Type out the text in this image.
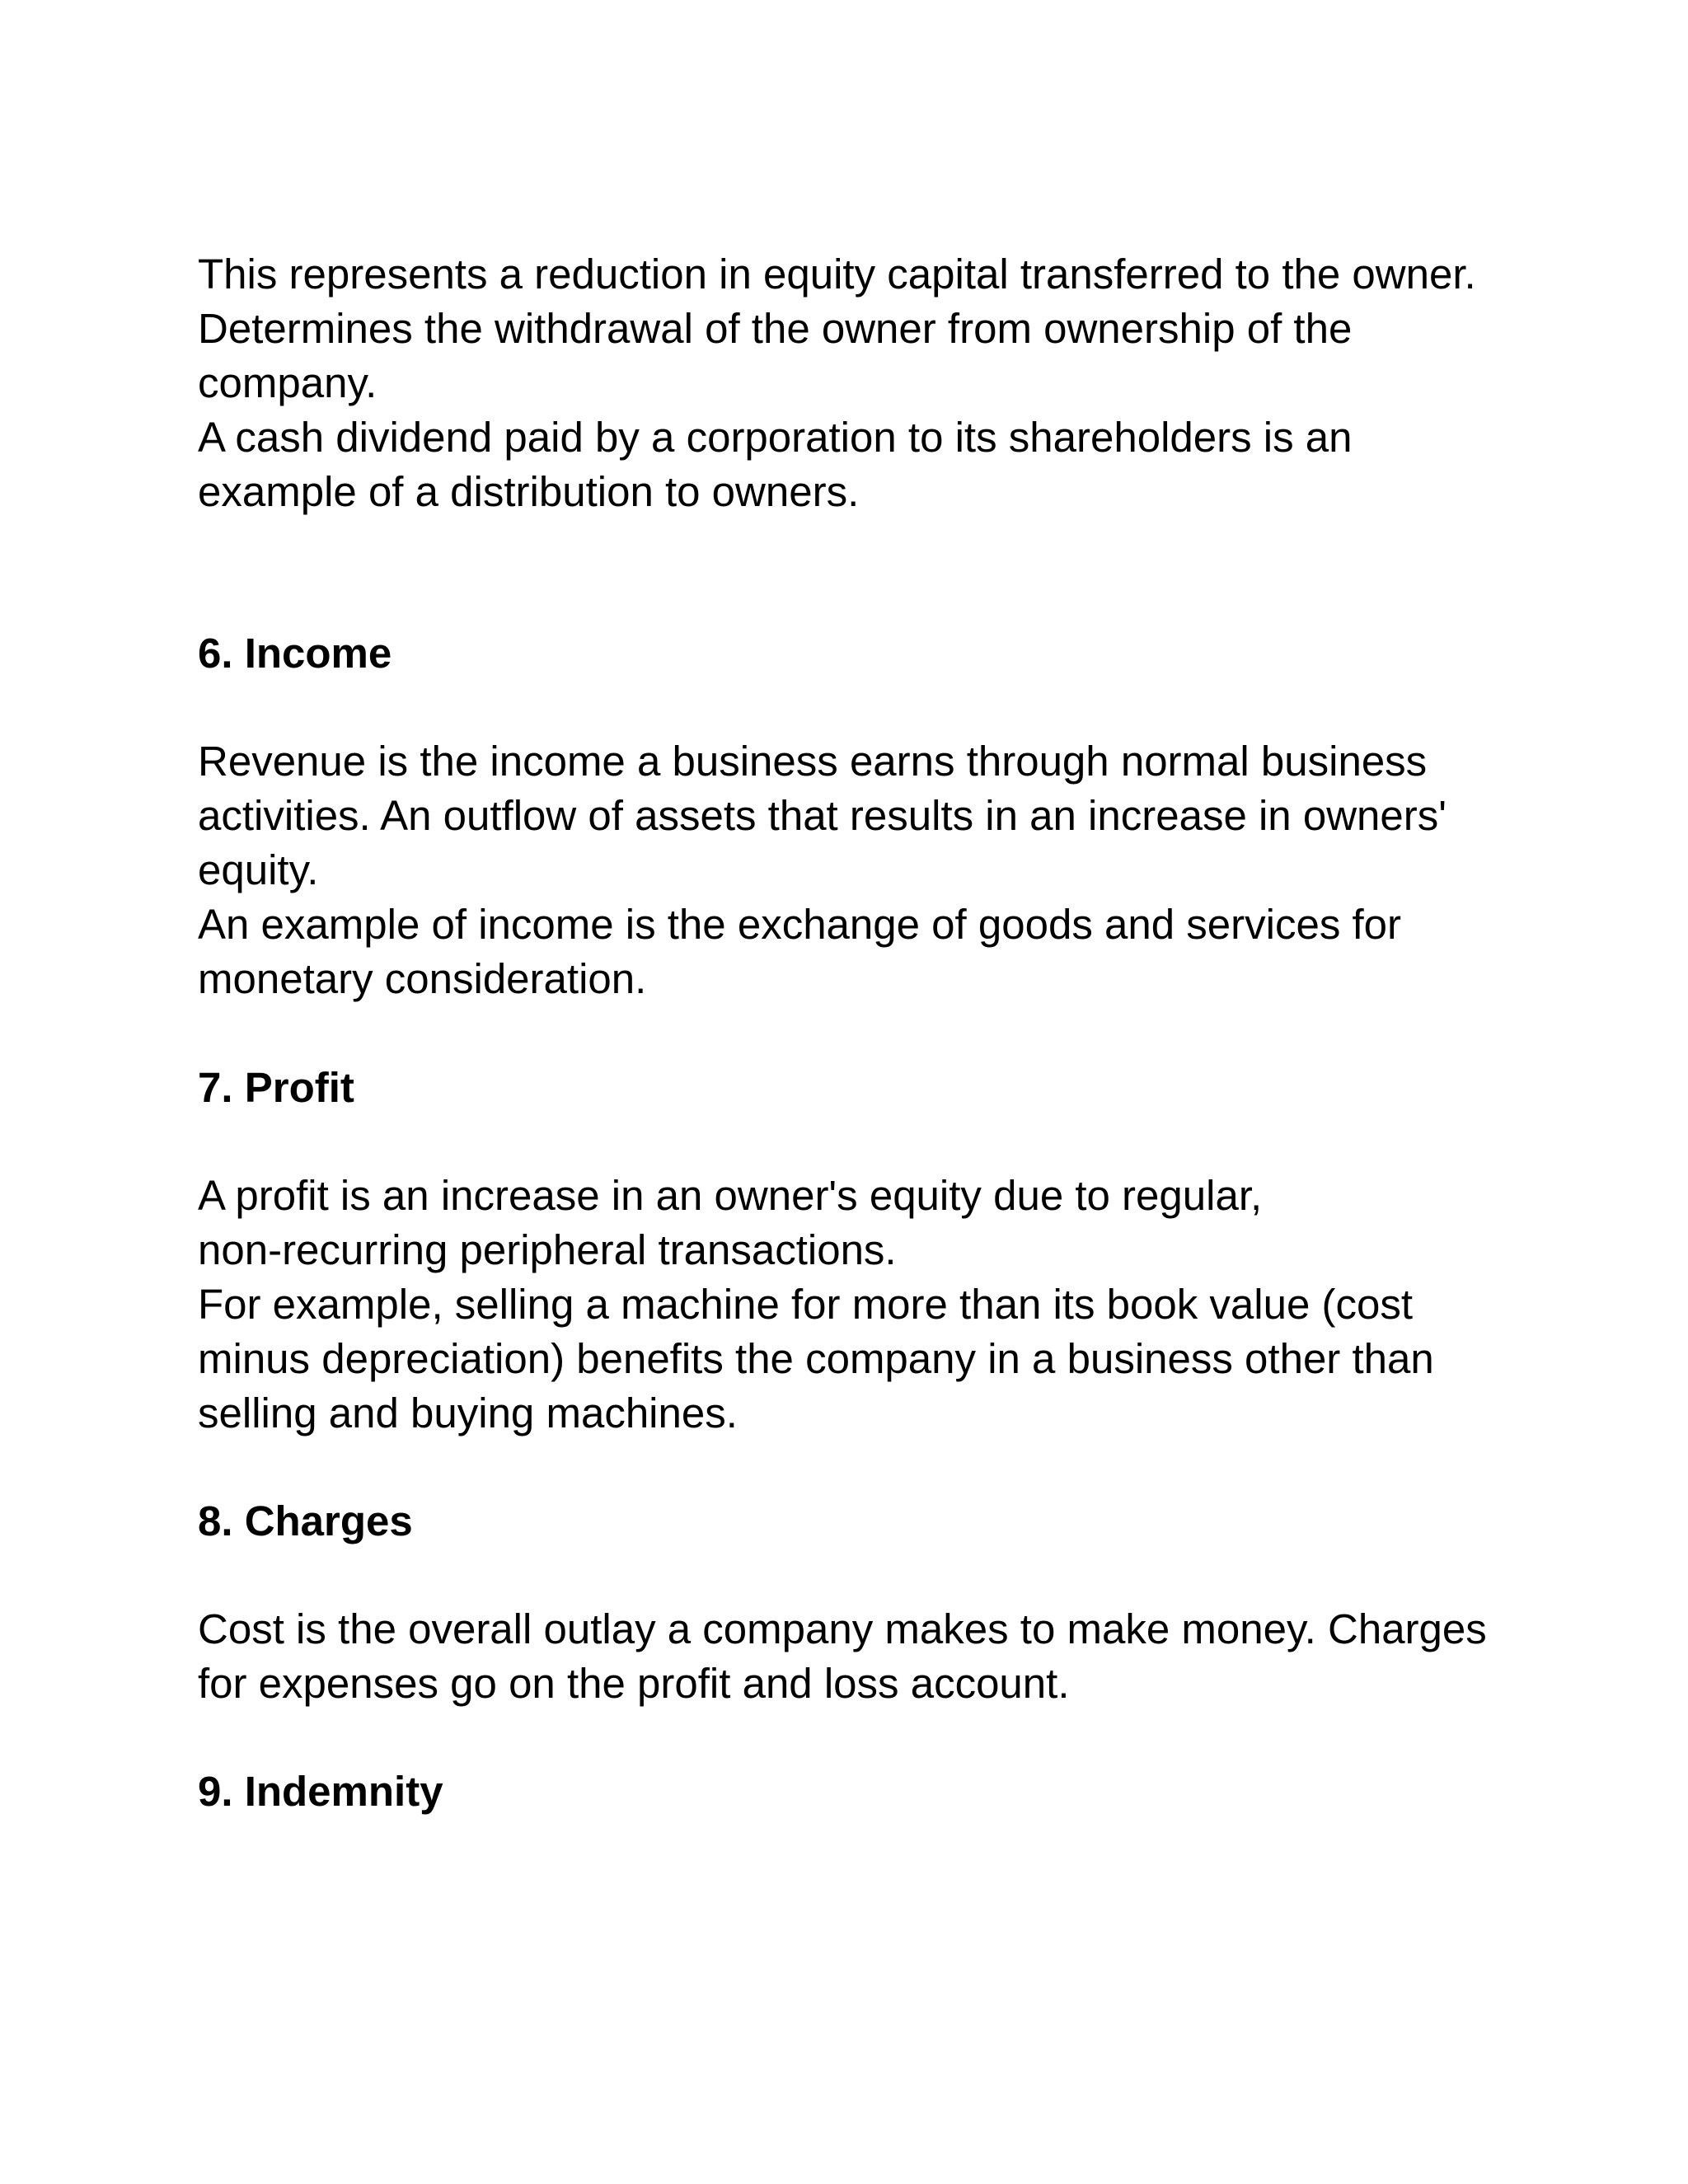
This represents a reduction in equity capital transferred to the owner.

Determines the withdrawal of the owner from ownership of the

company.

A cash dividend paid by a corporation to its shareholders is an

example of a distribution to owners.

6. Income

Revenue is the income a business earns through normal business

activities. An outflow of assets that results in an increase in owners'

equity.

An example of income is the exchange of goods and services for

monetary consideration.

7. Profit

A profit is an increase in an owner's equity due to regular,

non-recurring peripheral transactions.

For example, selling a machine for more than its book value (cost

minus depreciation) benefits the company in a business other than

selling and buying machines.

8. Charges

Cost is the overall outlay a company makes to make money. Charges

for expenses go on the profit and loss account.

9. Indemnity
